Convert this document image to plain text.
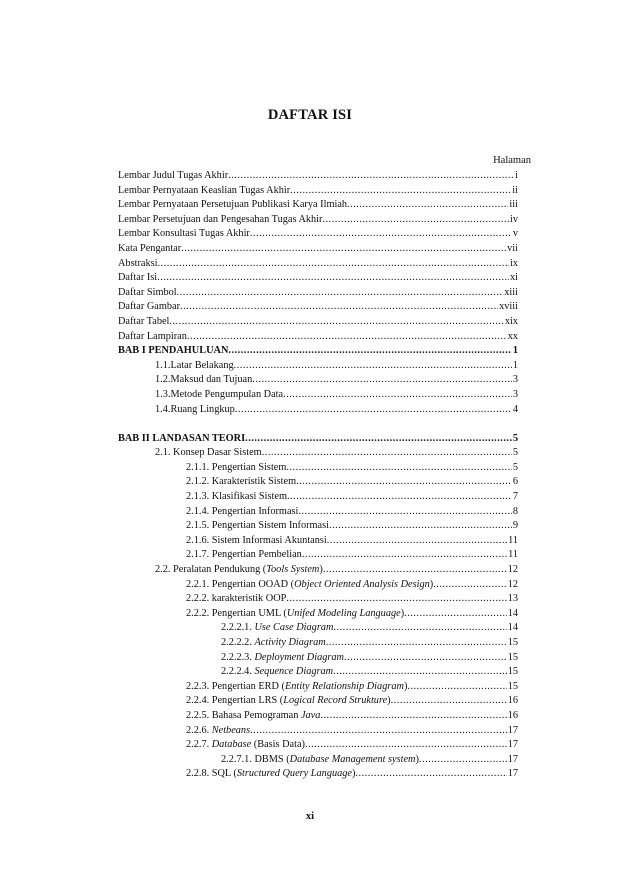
DAFTAR ISI
Halaman
Lembar Judul Tugas Akhir .....	i
Lembar Pernyataan Keaslian Tugas Akhir .....	ii
Lembar Pernyataan Persetujuan Publikasi Karya Ilmiah .....	iii
Lembar Persetujuan dan Pengesahan Tugas Akhir .....	iv
Lembar Konsultasi Tugas Akhir .....	v
Kata Pengantar .....	vii
Abstraksi .....	ix
Daftar Isi .....	xi
Daftar Simbol .....	xiii
Daftar Gambar .....	xviii
Daftar Tabel .....	xix
Daftar Lampiran .....	xx
BAB I PENDAHULUAN .....	1
1.1.Latar Belakang .....	1
1.2.Maksud dan Tujuan .....	3
1.3.Metode Pengumpulan Data .....	3
1.4.Ruang Lingkup .....	4
BAB II LANDASAN TEORI .....	5
2.1. Konsep Dasar Sistem .....	5
2.1.1. Pengertian Sistem .....	5
2.1.2. Karakteristik Sistem .....	6
2.1.3. Klasifikasi Sistem .....	7
2.1.4. Pengertian Informasi .....	8
2.1.5. Pengertian Sistem Informasi .....	9
2.1.6. Sistem Informasi Akuntansi .....	11
2.1.7. Pengertian Pembelian .....	11
2.2. Peralatan Pendukung (Tools System) .....	12
2.2.1. Pengertian OOAD (Object Oriented Analysis Design) .....	12
2.2.2. karakteristik OOP .....	13
2.2.2. Pengertian UML (Unifed Modeling Language) .....	14
2.2.2.1. Use Case Diagram .....	14
2.2.2.2. Activity Diagram .....	15
2.2.2.3. Deployment Diagram .....	15
2.2.2.4. Sequence Diagram .....	15
2.2.3. Pengertian ERD (Entity Relationship Diagram) .....	15
2.2.4. Pengertian LRS (Logical Record Strukture) .....	16
2.2.5. Bahasa Pemograman Java .....	16
2.2.6. Netbeans .....	17
2.2.7. Database (Basis Data) .....	17
2.2.7.1. DBMS (Database Management system) .....	17
2.2.8. SQL (Structured Query Language) .....	17
xi
